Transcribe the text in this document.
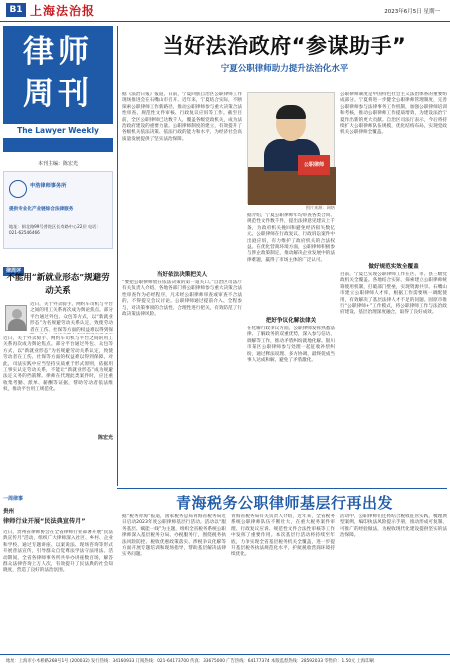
B1 上海法治报	2023年6月5日 星期一
律师
周刊
The Lawyer Weekly
本刊主编：陈宏光
申浩律师事务所
提供专业化产业链综合法律服务
地址：闸北路99号普陀区长寿路中心22层 电话：021-62546466
律周评
不能用“新就业形态”规避劳动关系
近日，关于外卖骑手、网约车司机与平台之间的用工关系再次成为舆论焦点。部分平台通过外包、众包等方式，以“新就业形态”为名规避劳动关系认定，致使劳动者在工伤、社保等方面的权益难以得到保
近日，关于外卖骑手、网约车司机与平台之间的用工关系再次成为舆论焦点。部分平台通过外包、众包等方式，以“新就业形态”为名规避劳动关系认定，致使劳动者在工伤、社保等方面的权益难以得到保障。对此，司法实践中应当坚持实质重于形式原则，依据用工事实认定劳动关系，不能让“新就业形态”成为规避法定义务的挡箭牌。律师在代理此类案件时，应注重收集考勤、派单、薪酬等证据，帮助劳动者依法维权，推动平台用工规范化。
陈宏光
当好法治政府“参谋助手”
宁夏公职律师助力提升法治化水平
据《法治日报》报道，日前，宁夏回族自治区公职律师工作现场推进会在石嘴山市召开。近年来，宁夏结合实际，不断探索公职律师工作新路径，推动公职律师参与重大决策合法性审查、规范性文件审核、行政复议应诉等工作。截至目前，全区公职律师已达数千人，覆盖各级党政机关，成为法治政府建设的重要力量。公职律师制度的建立，有效提升了各级机关依法决策、依法行政的能力和水平，为经济社会高质量发展提供了坚实法治保障。
当好依法决策把关人
“要把公职律师放在依法决策的第一道关口。”自治区司法厅有关负责人介绍，各地各部门将公职律师参与重大决策合法性审查作为必经程序，凡未经公职律师审查或审查不合法的，不得提交会议讨论。公职律师通过提前介入、全程参与，对决策事项的合法性、合理性进行把关，有效防范了行政决策法律风险。
公职律师
图片来源：网络
据介绍，宁夏公职律师年均审查各类合同、规范性文件数千件，提出法律意见建议上千条，为政府机关挽回和避免经济损失数亿元。公职律师在行政复议、行政诉讼案件中出庭应诉，有力维护了政府机关的合法权益。在优化营商环境方面，公职律师积极参与涉企政策制定，推动解决企业发展中的法律难题，赢得了市场主体的广泛认可。
把好争议化解法律关
在化解行政争议方面，公职律师发挥熟悉法律、了解政务的双重优势，深入参与信访、调解等工作，推动矛盾纠纷就地化解。银川市某区公职律师参与处理一起征收补偿纠纷，通过释法说理、多方协调，最终促成当事人达成和解，避免了矛盾激化。
公职律师制度是中国特色社会主义法治体系的重要组成部分。宁夏将进一步健全公职律师管理制度，完善公职律师参与法律事务工作机制，加强公职律师培训和考核，推动公职律师工作提质增效，为建设法治宁夏作出新的更大贡献。自治区司法厅表示，今后将持续扩大公职律师队伍规模，优化结构布局，实现党政机关公职律师全覆盖。
做好规范实效全覆盖
目前，宁夏已实现公职律师工作在区、市、县三级党政机关全覆盖。各地结合实际，探索建立公职律师统筹使用机制，打破部门壁垒，实现资源共享。石嘴山市建立公职律师人才库，根据工作需要统一调配使用，有效解决了基层法律人才不足的问题。固原市推行“公职律师+”工作模式，将公职律师工作与法治政府建设、基层治理深度融合，取得了良好成效。
一周律事
贵州
律师行业开展“民法典宣传月”
近日，贵州省律师协会在全省律师行业部署开展“民法典宣传月”活动，组织广大律师深入社区、乡村、企业和学校，通过专题讲座、以案说法、现场咨询等形式开展普法宣传，引导群众自觉尊法学法守法用法。活动期间，全省各律师事务所共举办讲座数百场，解答群众法律咨询上万人次，有效提升了民法典的社会知晓度，营造了良好的法治氛围。
青海税务公职律师基层行再出发
据“税务青海”报道，国家税务总局青海省税务局近日启动2023年度公职律师基层行活动。活动以“服务基层、赋能一线”为主题，组织全省税务系统公职律师深入基层税务分局、办税服务厅，围绕税务执法风险防控、税收优惠政策落实、涉税争议化解等方面开展专题培训和现场指导，帮助基层解决法律实务问题。
青海省税务局有关负责人介绍，近年来，全省税务系统公职律师队伍不断壮大，在重大税务案件审理、行政复议应诉、规范性文件合法性审核等工作中发挥了重要作用。本次基层行活动将持续至年底，力争实现全省基层税务机关全覆盖，进一步提升基层税务执法规范化水平，护航税收营商环境持续优化。
活动中，公职律师们还将结合税收征管实践，梳理典型案例，编印执法风险提示手册，推动形成可复制、可推广的经验做法，为税收现代化建设提供坚实的法治保障。
地址：上海市小木桥路268号1号 (200032) 发行热线：34160933 订阅热线：021-64173700 传真：33675000 广告热线：64177374 本版监督热线：28592033 零售价：1.50元 上海印刷
